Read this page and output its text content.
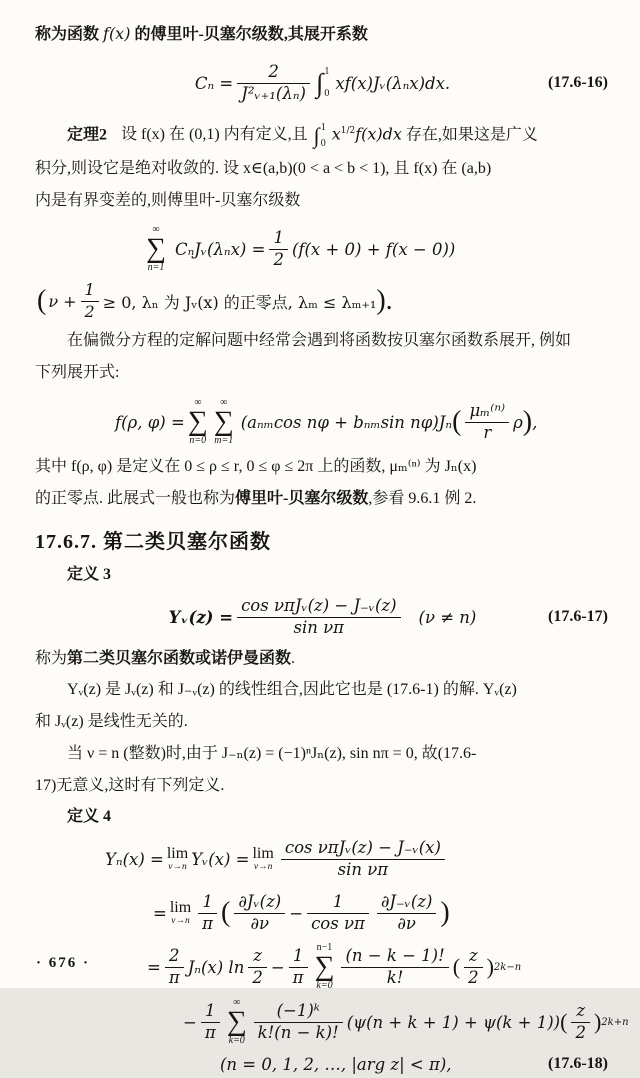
称为函数 f(x) 的傅里叶-贝塞尔级数,其展开系数
$C_n = \frac{2}{\text{J²ᵥ₊₁(λₙ)}}$ ∫ 1
0
xf(x)Jᵥ(λₙx)dx.	(17.6-16)
定理2 设 f(x) 在 (0,1) 内有定义,且 ∫ 1
0 $x^{1/2}f(x)dx$ 存在,如果这是广义
积分,则设它是绝对收敛的. 设 x∈(a,b)(0 < a < b < 1), 且 f(x) 在 (a,b)
内是有界变差的,则傅里叶-贝塞尔级数
∞
∑
n=1
CₙJᵥ(λₙx) = $\frac{1}{2} (f(x + 0) + f(x - 0))$
( $\nu + \frac{1}{2} \ge 0$, λₙ 为 Jᵥ(x) 的正零点, λₘ ≤ λₘ₊₁ ).
在偏微分方程的定解问题中经常会遇到将函数按贝塞尔函数系展开, 例如
下列展开式:
f(ρ, φ) =
∞
∑
n=0
∞
∑
m=1
(aₙₘcos nφ + bₙₘsin nφ)Jₙ ( $\frac{\text{μₘ⁽ⁿ⁾}}{r}$ ρ ) ,
其中 f(ρ, φ) 是定义在 0 ≤ ρ ≤ r, 0 ≤ φ ≤ 2π 上的函数, μₘ⁽ⁿ⁾ 为 Jₙ(x)
的正零点. 此展式一般也称为傅里叶-贝塞尔级数,参看 9.6.1 例 2.
17.6.7. 第二类贝塞尔函数
定义 3
Yᵥ(z) = $\frac{\text{cos νπJᵥ(z) − J₋ᵥ(z)}}{\text{sin νπ}} (\nu \ne n)$	(17.6-17)
称为第二类贝塞尔函数或诺伊曼函数.
Yᵥ(z) 是 Jᵥ(z) 和 J₋ᵥ(z) 的线性组合,因此它也是 (17.6-1) 的解. Yᵥ(z)
和 Jᵥ(z) 是线性无关的.
当 ν = n (整数)时,由于 J₋ₙ(z) = (−1)ⁿJₙ(z), sin nπ = 0, 故(17.6-
17)无意义,这时有下列定义.
定义 4
Yₙ(x) = lim
ν→n Yᵥ(x) = lim
$\nu\to n \frac{\text{cos νπJᵥ(z) − J₋ᵥ(x)}}{\text{sin νπ}}$
= lim
$\nu\to n \frac{1}{\pi}$ ( $\frac{\text{∂Jᵥ(z)}}{\partial\nu} - \frac{1}{\text{cos νπ}} \frac{\text{∂J₋ᵥ(z)}}{\partial\nu}$ )
= $\frac{2}{\pi} J_n(x)$ $\ln \frac{z}{2} - \frac{1}{\pi} n-1$
∑
$k=0 \frac{(n - k - 1)!}{k!}$ ( $\frac{z}{2}$ ) 2k−n
− $\frac{1}{\pi}$ ∞
∑
$k=0 \frac{\text{(−1)ᵏ}}{k!(n - k)!} (\psi(n + k + 1) + \psi(k + 1))$ ( $\frac{z}{2}$ ) 2k+n
(n = 0, 1, 2, …, |arg z| < π),	(17.6-18)
· 676 ·
